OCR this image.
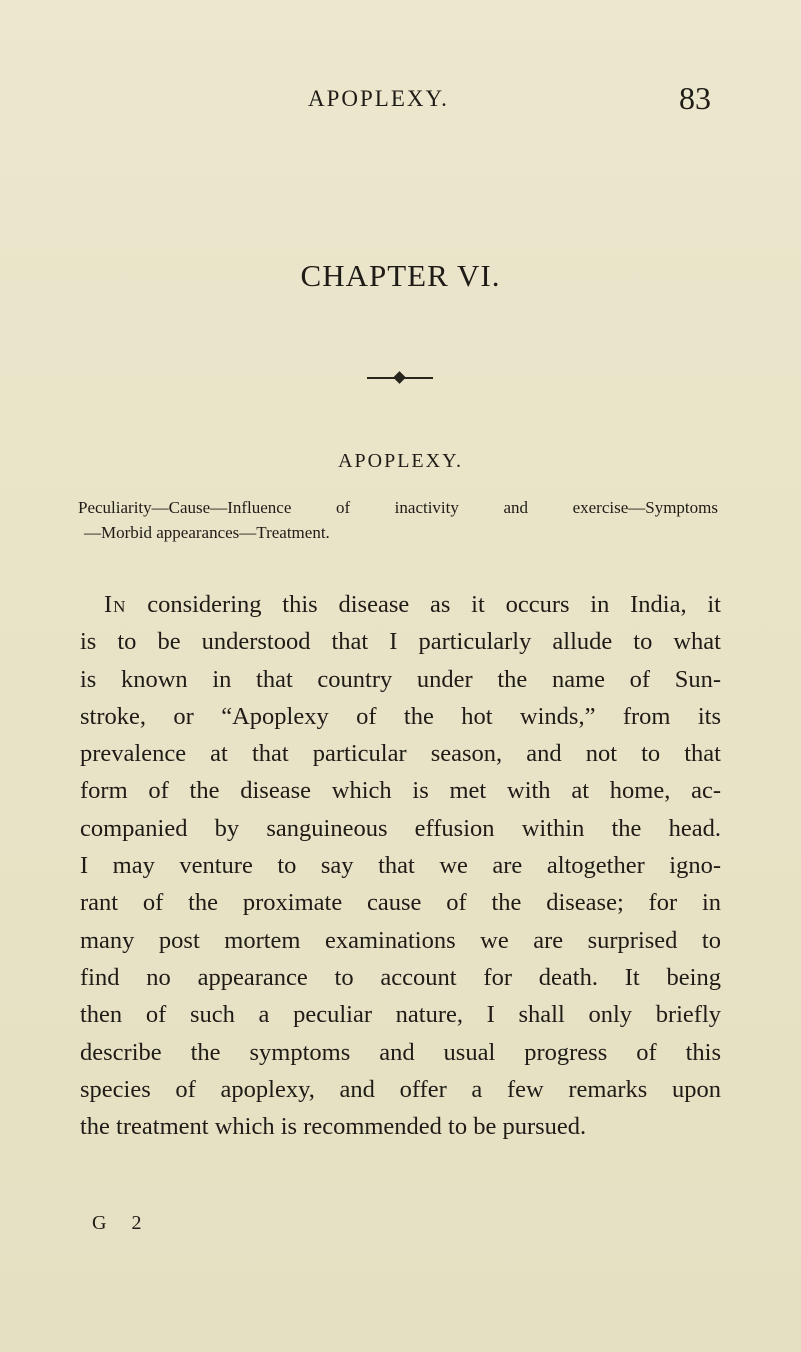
APOPLEXY.	83
CHAPTER VI.
APOPLEXY.
Peculiarity—Cause—Influence of inactivity and exercise—Symptoms
—Morbid appearances—Treatment.
In considering this disease as it occurs in India, it
is to be understood that I particularly allude to what
is known in that country under the name of Sun-
stroke, or “Apoplexy of the hot winds,” from its
prevalence at that particular season, and not to that
form of the disease which is met with at home, ac-
companied by sanguineous effusion within the head.
I may venture to say that we are altogether igno-
rant of the proximate cause of the disease; for in
many post mortem examinations we are surprised to
find no appearance to account for death. It being
then of such a peculiar nature, I shall only briefly
describe the symptoms and usual progress of this
species of apoplexy, and offer a few remarks upon
the treatment which is recommended to be pursued.
G 2
